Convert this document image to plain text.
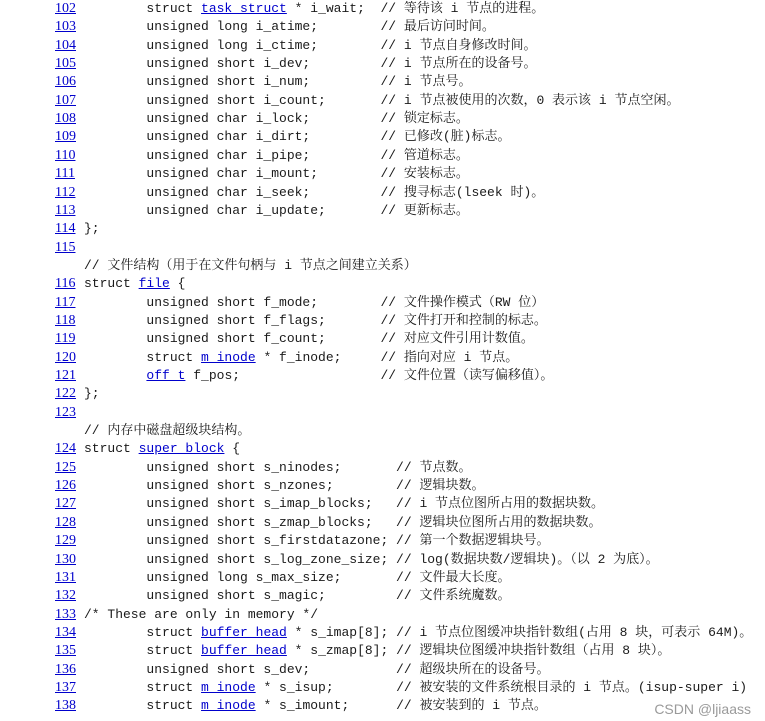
102 struct task_struct * i_wait;  // 等待该 i 节点的进程。
103 unsigned long i_atime;        // 最后访问时间。
104 unsigned long i_ctime;        // i 节点自身修改时间。
105 unsigned short i_dev;         // i 节点所在的设备号。
106 unsigned short i_num;         // i 节点号。
107 unsigned short i_count;       // i 节点被使用的次数，0 表示该 i 节点空闲。
108 unsigned char i_lock;         // 锁定标志。
109 unsigned char i_dirt;         // 已修改(脏)标志。
110 unsigned char i_pipe;         // 管道标志。
111 unsigned char i_mount;        // 安装标志。
112 unsigned char i_seek;         // 搜寻标志(lseek 时)。
113 unsigned char i_update;       // 更新标志。
114 };
115
// 文件结构（用于在文件句柄与 i 节点之间建立关系）
116 struct file {
117 unsigned short f_mode;        // 文件操作模式（RW 位）
118 unsigned short f_flags;       // 文件打开和控制的标志。
119 unsigned short f_count;       // 对应文件引用计数值。
120 struct m_inode * f_inode;     // 指向对应 i 节点。
121	off_t f_pos;                  // 文件位置（读写偏移值）。
122 };
123
// 内存中磁盘超级块结构。
124 struct super_block {
125 unsigned short s_ninodes;       // 节点数。
126 unsigned short s_nzones;        // 逻辑块数。
127 unsigned short s_imap_blocks;   // i 节点位图所占用的数据块数。
128 unsigned short s_zmap_blocks;   // 逻辑块位图所占用的数据块数。
129 unsigned short s_firstdatazone; // 第一个数据逻辑块号。
130 unsigned short s_log_zone_size; // log(数据块数/逻辑块)。（以 2 为底）。
131 unsigned long s_max_size;       // 文件最大长度。
132 unsigned short s_magic;         // 文件系统魔数。
133 /* These are only in memory */
134 struct buffer_head * s_imap[8]; // i 节点位图缓冲块指针数组(占用 8 块，可表示 64M)。
135 struct buffer_head * s_zmap[8]; // 逻辑块位图缓冲块指针数组（占用 8 块）。
136 unsigned short s_dev;           // 超级块所在的设备号。
137 struct m_inode * s_isup;        // 被安装的文件系统根目录的 i 节点。(isup-super i)
138 struct m_inode * s_imount;      // 被安装到的 i 节点。	CSDN @ljiaass
